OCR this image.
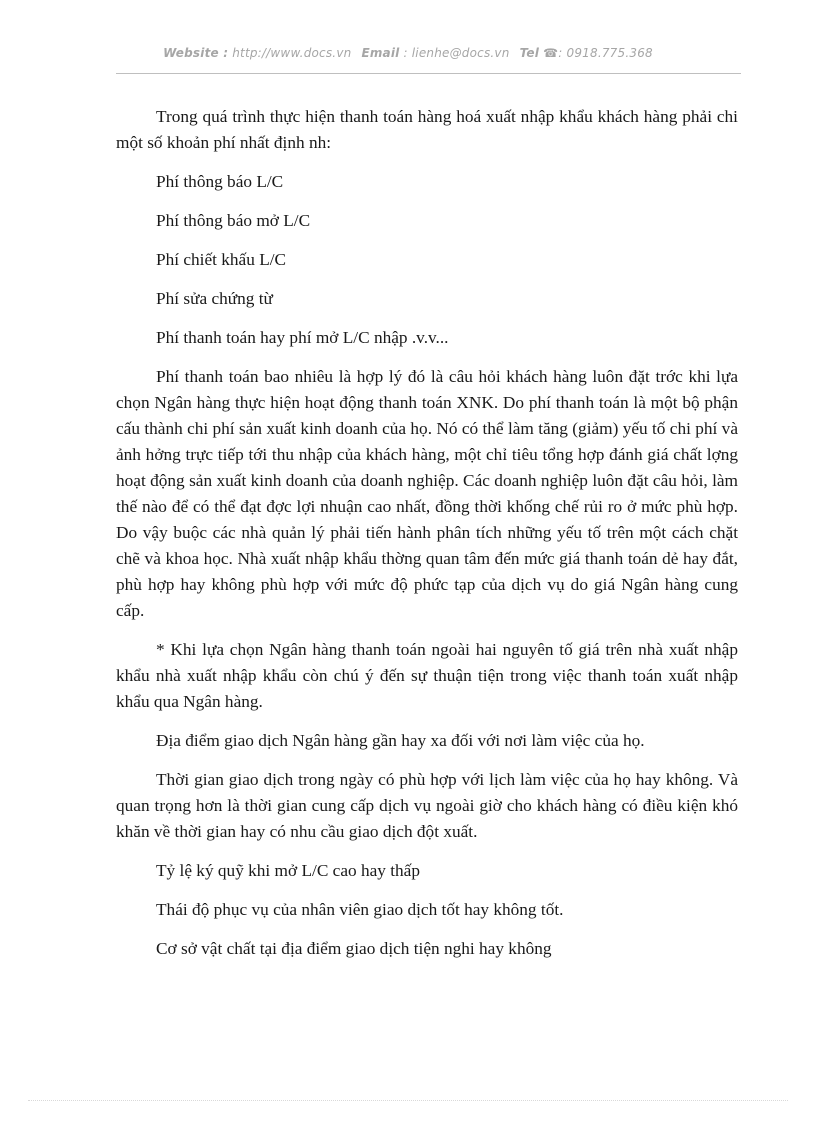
Website : http://www.docs.vn Email : lienhe@docs.vn Tel ☎: 0918.775.368

Trong quá trình thực hiện thanh toán hàng hoá xuất nhập khẩu khách hàng phải chi một số khoản phí nhất định nh:

Phí thông báo L/C

Phí thông báo mở L/C

Phí chiết khấu L/C

Phí sửa chứng từ

Phí thanh toán hay phí mở L/C nhập .v.v...

Phí thanh toán bao nhiêu là hợp lý đó là câu hỏi khách hàng luôn đặt trớc khi lựa chọn Ngân hàng thực hiện hoạt động thanh toán XNK. Do phí thanh toán là một bộ phận cấu thành chi phí sản xuất kinh doanh của họ. Nó có thể làm tăng (giảm) yếu tố chi phí và ảnh hởng trực tiếp tới thu nhập của khách hàng, một chỉ tiêu tổng hợp đánh giá chất lợng hoạt động sản xuất kinh doanh của doanh nghiệp. Các doanh nghiệp luôn đặt câu hỏi, làm thế nào để có thể đạt đợc lợi nhuận cao nhất, đồng thời khống chế rủi ro ở mức phù hợp. Do vậy buộc các nhà quản lý phải tiến hành phân tích những yếu tố trên một cách chặt chẽ và khoa học. Nhà xuất nhập khẩu thờng quan tâm đến mức giá thanh toán dẻ hay đắt, phù hợp hay không phù hợp với mức độ phức tạp của dịch vụ do giá Ngân hàng cung cấp.

* Khi lựa chọn Ngân hàng thanh toán ngoài hai nguyên tố giá trên nhà xuất nhập khẩu nhà xuất nhập khẩu còn chú ý đến sự thuận tiện trong việc thanh toán xuất nhập khẩu qua Ngân hàng.

Địa điểm giao dịch Ngân hàng gần hay xa đối với nơi làm việc của họ.

Thời gian giao dịch trong ngày có phù hợp với lịch làm việc của họ hay không. Và quan trọng hơn là thời gian cung cấp dịch vụ ngoài giờ cho khách hàng có điều kiện khó khăn về thời gian hay có nhu cầu giao dịch đột xuất.

Tỷ lệ ký quỹ khi mở L/C cao hay thấp

Thái độ phục vụ của nhân viên giao dịch tốt hay không tốt.

Cơ sở vật chất tại địa điểm giao dịch tiện nghi hay không
